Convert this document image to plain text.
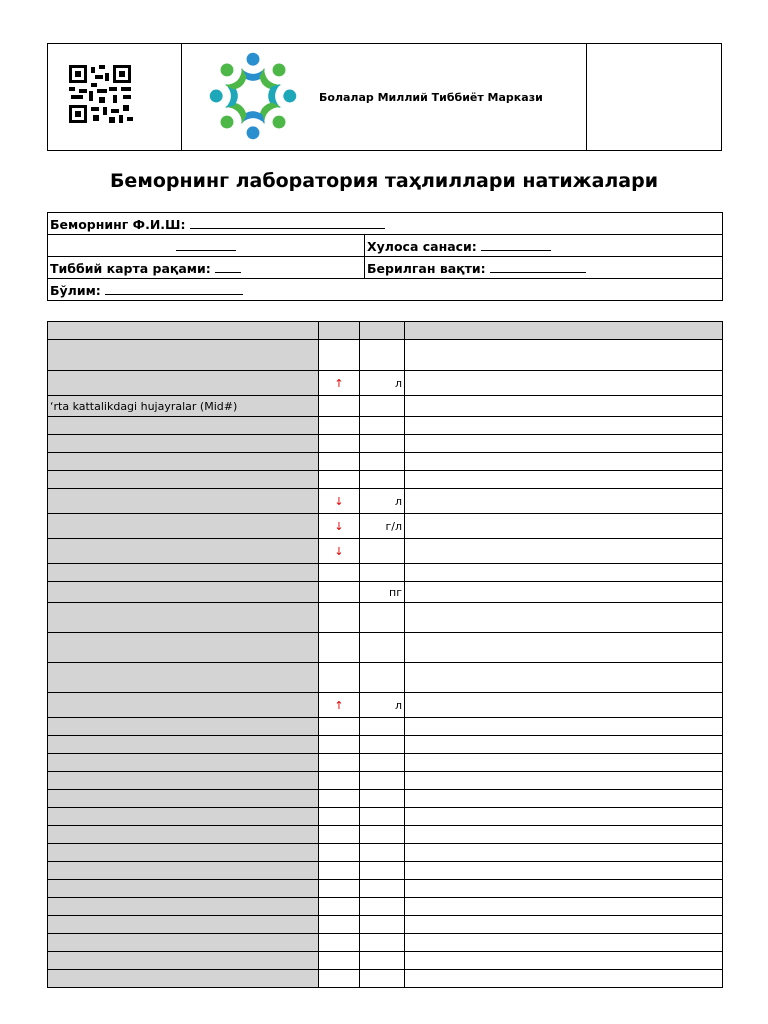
Болалар Миллий Тиббиёт Маркази
Беморнинг лаборатория таҳлиллари натижалари
Беморнинг Ф.И.Ш:	
	Хулоса санаси:
Тиббий карта рақами:	Берилган вақти:
Бўлим:	

	↑	л	
‘rta kattalikdagi hujayralar (Mid#)			

	↓	л	
	↓	г/л	
	↓		

		пг	

	↑	л	
